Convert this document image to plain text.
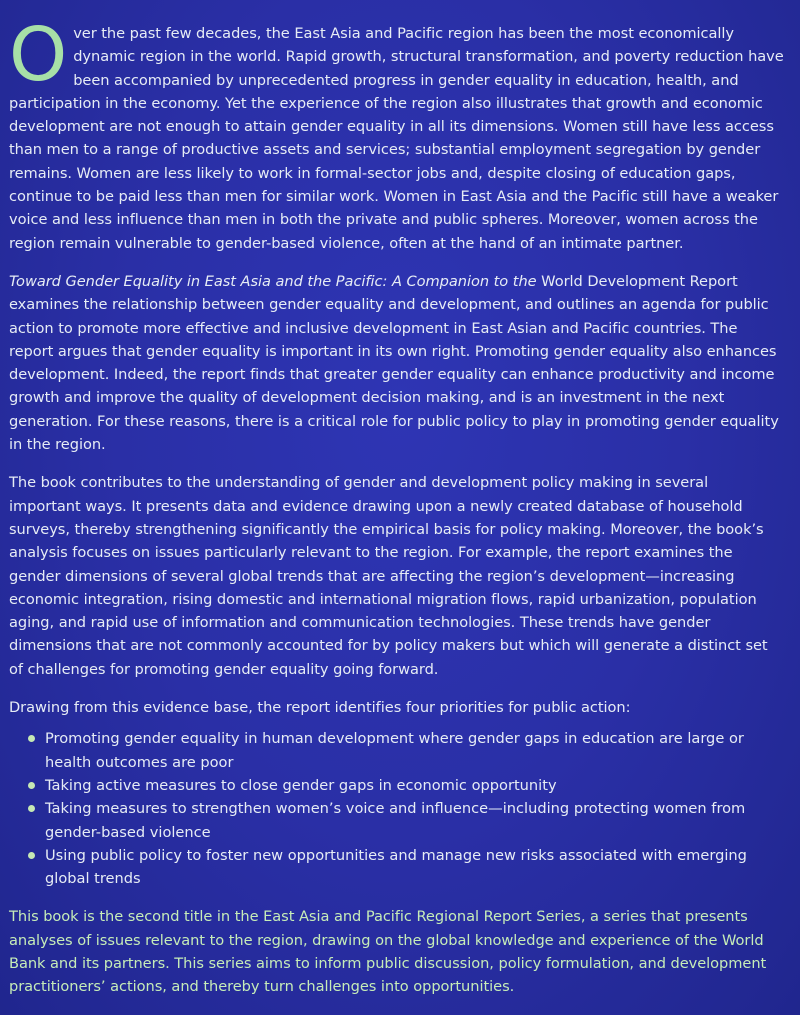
Over the past few decades, the East Asia and Pacific region has been the most economically dynamic region in the world. Rapid growth, structural transformation, and poverty reduction have been accompanied by unprecedented progress in gender equality in education, health, and participation in the economy. Yet the experience of the region also illustrates that growth and economic development are not enough to attain gender equality in all its dimensions. Women still have less access than men to a range of productive assets and services; substantial employment segregation by gender remains. Women are less likely to work in formal-sector jobs and, despite closing of education gaps, continue to be paid less than men for similar work. Women in East Asia and the Pacific still have a weaker voice and less influence than men in both the private and public spheres. Moreover, women across the region remain vulnerable to gender-based violence, often at the hand of an intimate partner.

Toward Gender Equality in East Asia and the Pacific: A Companion to the World Development Report examines the relationship between gender equality and development, and outlines an agenda for public action to promote more effective and inclusive development in East Asian and Pacific countries. The report argues that gender equality is important in its own right. Promoting gender equality also enhances development. Indeed, the report finds that greater gender equality can enhance productivity and income growth and improve the quality of development decision making, and is an investment in the next generation. For these reasons, there is a critical role for public policy to play in promoting gender equality in the region.

The book contributes to the understanding of gender and development policy making in several important ways. It presents data and evidence drawing upon a newly created database of household surveys, thereby strengthening significantly the empirical basis for policy making. Moreover, the book’s analysis focuses on issues particularly relevant to the region. For example, the report examines the gender dimensions of several global trends that are affecting the region’s development—increasing economic integration, rising domestic and international migration flows, rapid urbanization, population aging, and rapid use of information and communication technologies. These trends have gender dimensions that are not commonly accounted for by policy makers but which will generate a distinct set of challenges for promoting gender equality going forward.

Drawing from this evidence base, the report identifies four priorities for public action:

Promoting gender equality in human development where gender gaps in education are large or health outcomes are poor
Taking active measures to close gender gaps in economic opportunity
Taking measures to strengthen women’s voice and influence—including protecting women from gender-based violence
Using public policy to foster new opportunities and manage new risks associated with emerging global trends

This book is the second title in the East Asia and Pacific Regional Report Series, a series that presents analyses of issues relevant to the region, drawing on the global knowledge and experience of the World Bank and its partners. This series aims to inform public discussion, policy formulation, and development practitioners’ actions, and thereby turn challenges into opportunities.
